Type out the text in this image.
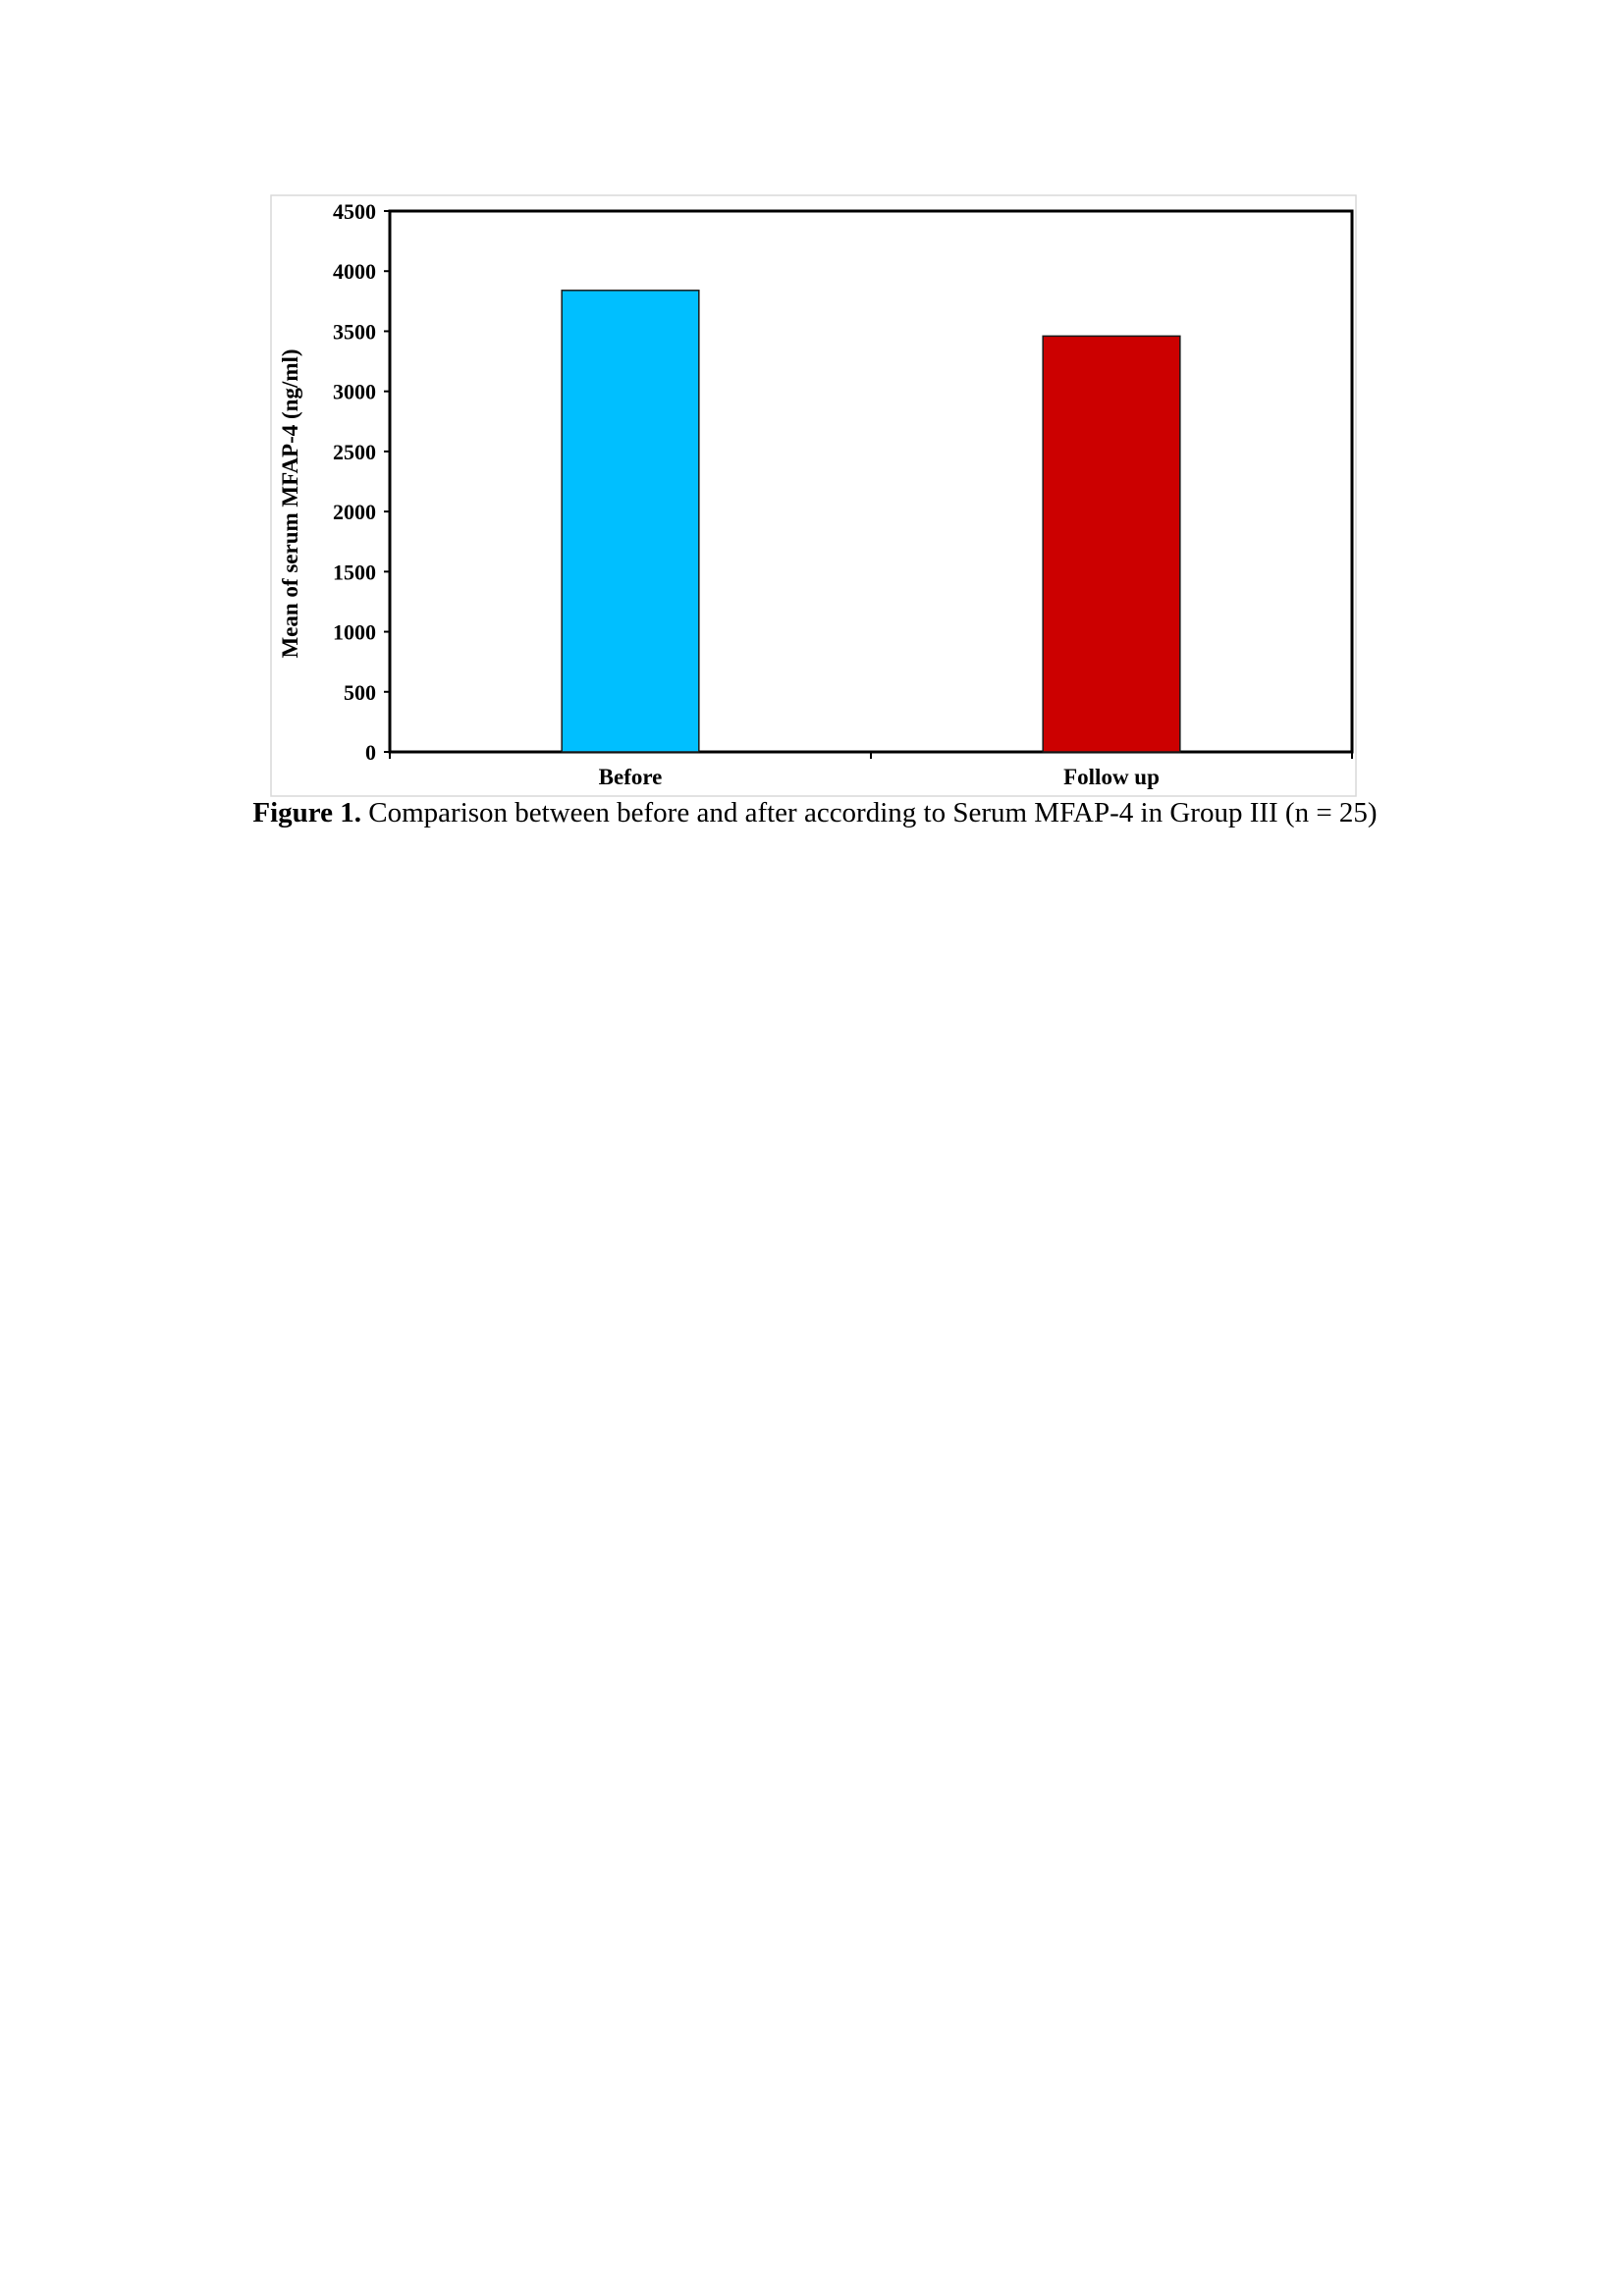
Mean of serum MFAP-4 (ng/ml)
0
500
1000
1500
2000
2500
3000
3500
4000
4500
Before	Follow up
Figure 1. Comparison between before and after according to Serum MFAP-4 in Group III (n = 25)
